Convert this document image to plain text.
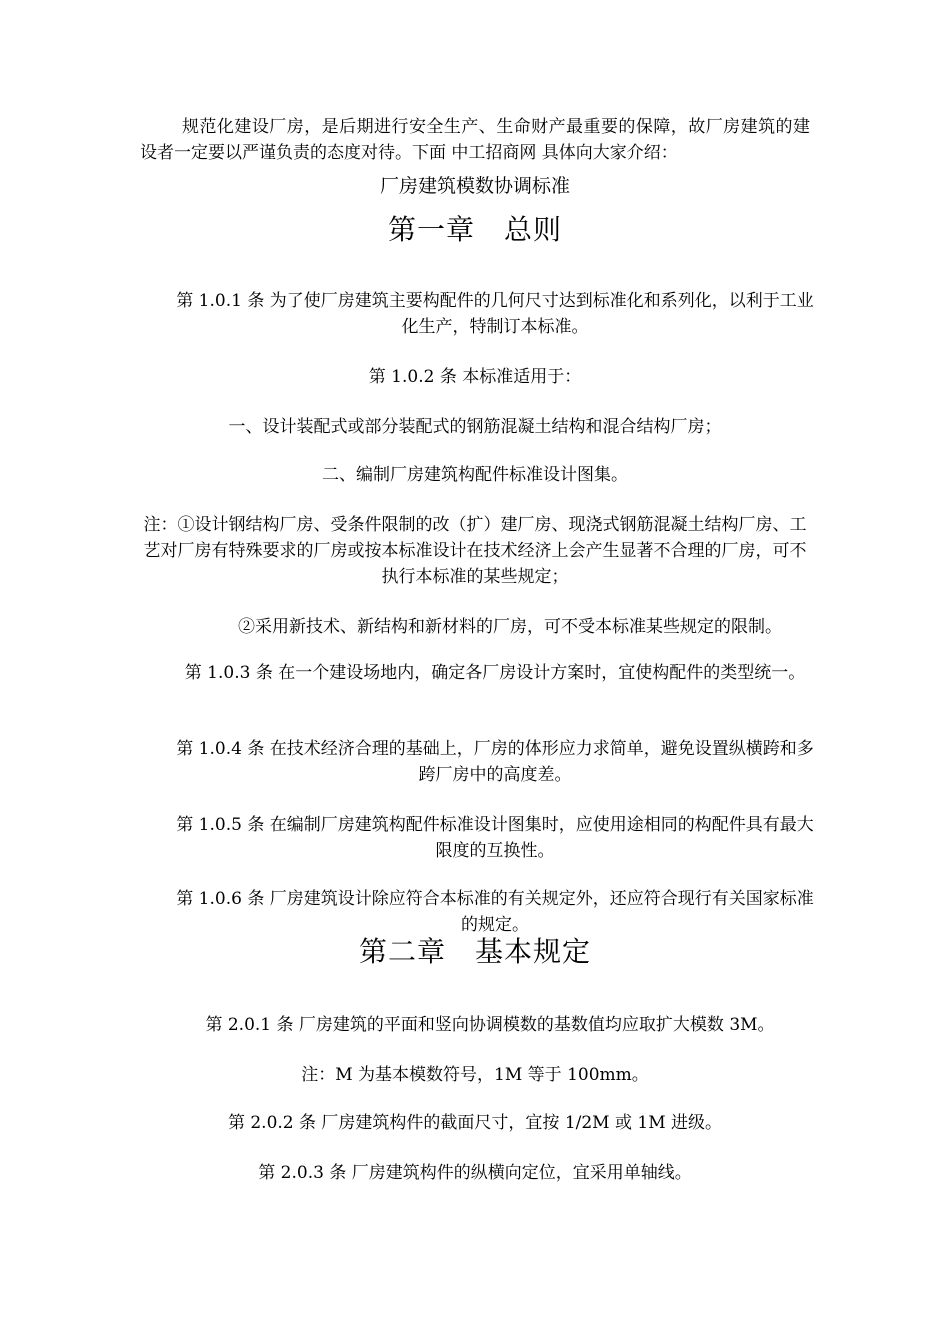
规范化建设厂房，是后期进行安全生产、生命财产最重要的保障，故厂房建筑的建设者一定要以严谨负责的态度对待。下面 中工招商网 具体向大家介绍：
厂房建筑模数协调标准
第一章　总则
第 1.0.1 条 为了使厂房建筑主要构配件的几何尺寸达到标准化和系列化，以利于工业化生产，特制订本标准。
第 1.0.2 条 本标准适用于：
一、设计装配式或部分装配式的钢筋混凝土结构和混合结构厂房；
二、编制厂房建筑构配件标准设计图集。
注：①设计钢结构厂房、受条件限制的改（扩）建厂房、现浇式钢筋混凝土结构厂房、工艺对厂房有特殊要求的厂房或按本标准设计在技术经济上会产生显著不合理的厂房，可不执行本标准的某些规定；
②采用新技术、新结构和新材料的厂房，可不受本标准某些规定的限制。
第 1.0.3 条 在一个建设场地内，确定各厂房设计方案时，宜使构配件的类型统一。
第 1.0.4 条 在技术经济合理的基础上，厂房的体形应力求简单，避免设置纵横跨和多跨厂房中的高度差。
第 1.0.5 条 在编制厂房建筑构配件标准设计图集时，应使用途相同的构配件具有最大限度的互换性。
第 1.0.6 条 厂房建筑设计除应符合本标准的有关规定外，还应符合现行有关国家标准的规定。
第二章　基本规定
第 2.0.1 条 厂房建筑的平面和竖向协调模数的基数值均应取扩大模数 3M。
注：M 为基本模数符号，1M 等于 100mm。
第 2.0.2 条 厂房建筑构件的截面尺寸，宜按 1/2M 或 1M 进级。
第 2.0.3 条 厂房建筑构件的纵横向定位，宜采用单轴线。
